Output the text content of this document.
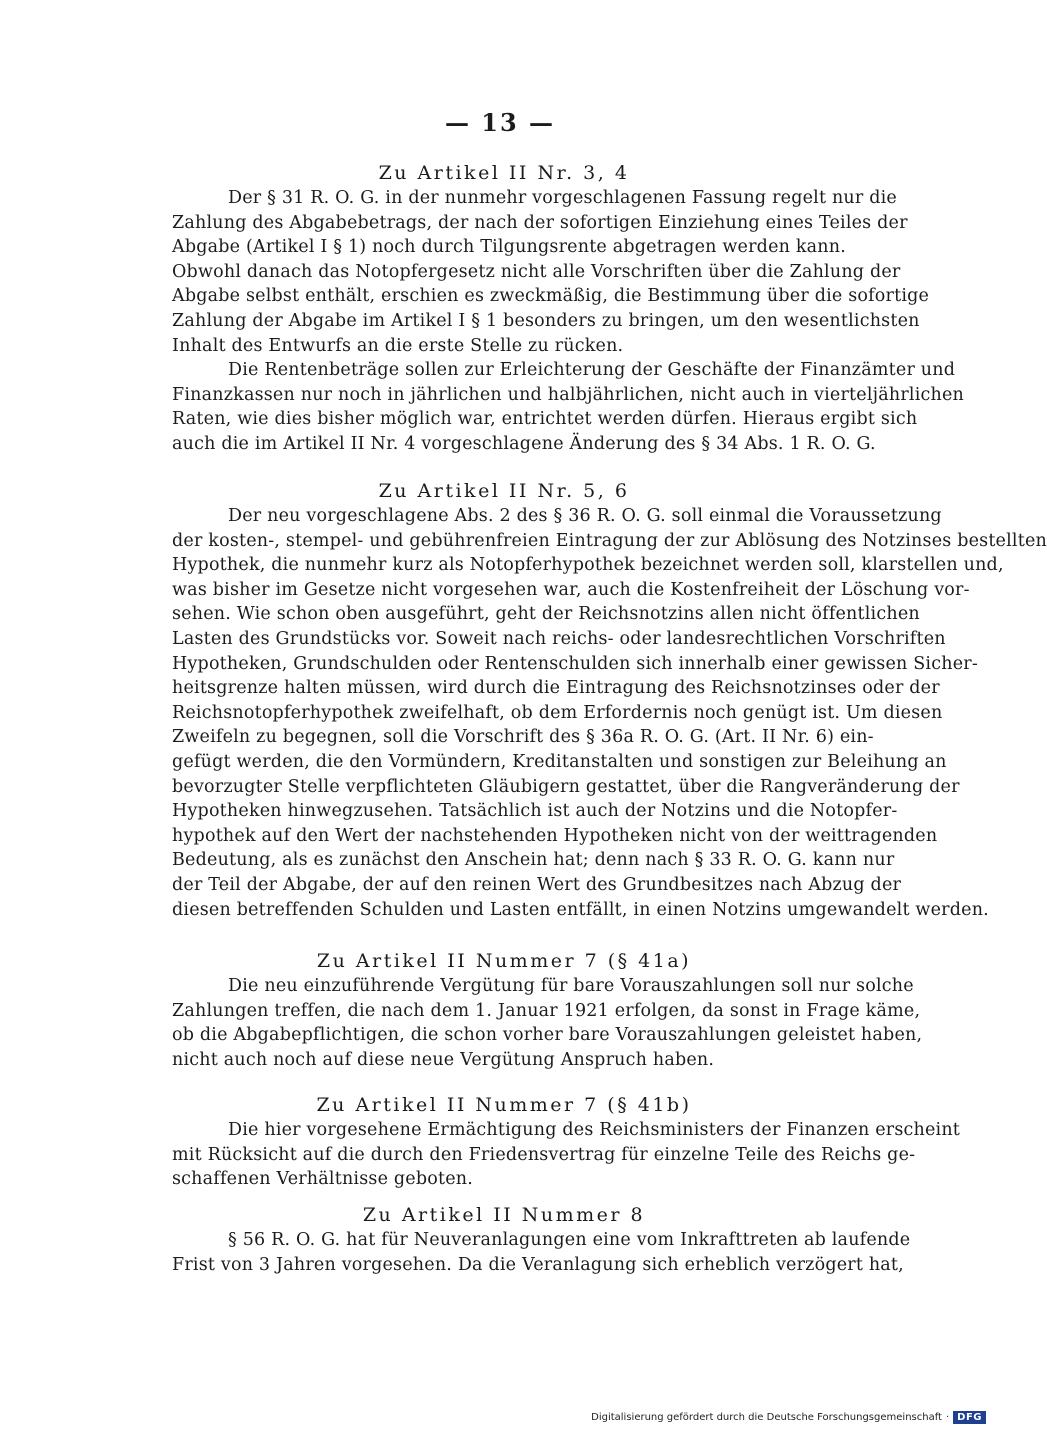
— 13 —
Zu Artikel II Nr. 3, 4
Der § 31 R. O. G. in der nunmehr vorgeschlagenen Fassung regelt nur die
Zahlung des Abgabebetrags, der nach der sofortigen Einziehung eines Teiles der
Abgabe (Artikel I § 1) noch durch Tilgungsrente abgetragen werden kann.
Obwohl danach das Notopfergesetz nicht alle Vorschriften über die Zahlung der
Abgabe selbst enthält, erschien es zweckmäßig, die Bestimmung über die sofortige
Zahlung der Abgabe im Artikel I § 1 besonders zu bringen, um den wesentlichsten
Inhalt des Entwurfs an die erste Stelle zu rücken.
Die Rentenbeträge sollen zur Erleichterung der Geschäfte der Finanzämter und
Finanzkassen nur noch in jährlichen und halbjährlichen, nicht auch in vierteljährlichen
Raten, wie dies bisher möglich war, entrichtet werden dürfen. Hieraus ergibt sich
auch die im Artikel II Nr. 4 vorgeschlagene Änderung des § 34 Abs. 1 R. O. G.
Zu Artikel II Nr. 5, 6
Der neu vorgeschlagene Abs. 2 des § 36 R. O. G. soll einmal die Voraussetzung
der kosten-, stempel- und gebührenfreien Eintragung der zur Ablösung des Notzinses bestellten
Hypothek, die nunmehr kurz als Notopferhypothek bezeichnet werden soll, klarstellen und,
was bisher im Gesetze nicht vorgesehen war, auch die Kostenfreiheit der Löschung vor-
sehen. Wie schon oben ausgeführt, geht der Reichsnotzins allen nicht öffentlichen
Lasten des Grundstücks vor. Soweit nach reichs- oder landesrechtlichen Vorschriften
Hypotheken, Grundschulden oder Rentenschulden sich innerhalb einer gewissen Sicher-
heitsgrenze halten müssen, wird durch die Eintragung des Reichsnotzinses oder der
Reichsnotopferhypothek zweifelhaft, ob dem Erfordernis noch genügt ist. Um diesen
Zweifeln zu begegnen, soll die Vorschrift des § 36a R. O. G. (Art. II Nr. 6) ein-
gefügt werden, die den Vormündern, Kreditanstalten und sonstigen zur Beleihung an
bevorzugter Stelle verpflichteten Gläubigern gestattet, über die Rangveränderung der
Hypotheken hinwegzusehen. Tatsächlich ist auch der Notzins und die Notopfer-
hypothek auf den Wert der nachstehenden Hypotheken nicht von der weittragenden
Bedeutung, als es zunächst den Anschein hat; denn nach § 33 R. O. G. kann nur
der Teil der Abgabe, der auf den reinen Wert des Grundbesitzes nach Abzug der
diesen betreffenden Schulden und Lasten entfällt, in einen Notzins umgewandelt werden.
Zu Artikel II Nummer 7 (§ 41a)
Die neu einzuführende Vergütung für bare Vorauszahlungen soll nur solche
Zahlungen treffen, die nach dem 1. Januar 1921 erfolgen, da sonst in Frage käme,
ob die Abgabepflichtigen, die schon vorher bare Vorauszahlungen geleistet haben,
nicht auch noch auf diese neue Vergütung Anspruch haben.
Zu Artikel II Nummer 7 (§ 41b)
Die hier vorgesehene Ermächtigung des Reichsministers der Finanzen erscheint
mit Rücksicht auf die durch den Friedensvertrag für einzelne Teile des Reichs ge-
schaffenen Verhältnisse geboten.
Zu Artikel II Nummer 8
§ 56 R. O. G. hat für Neuveranlagungen eine vom Inkrafttreten ab laufende
Frist von 3 Jahren vorgesehen. Da die Veranlagung sich erheblich verzögert hat,
Digitalisierung gefördert durch die Deutsche Forschungsgemeinschaft · DFG
